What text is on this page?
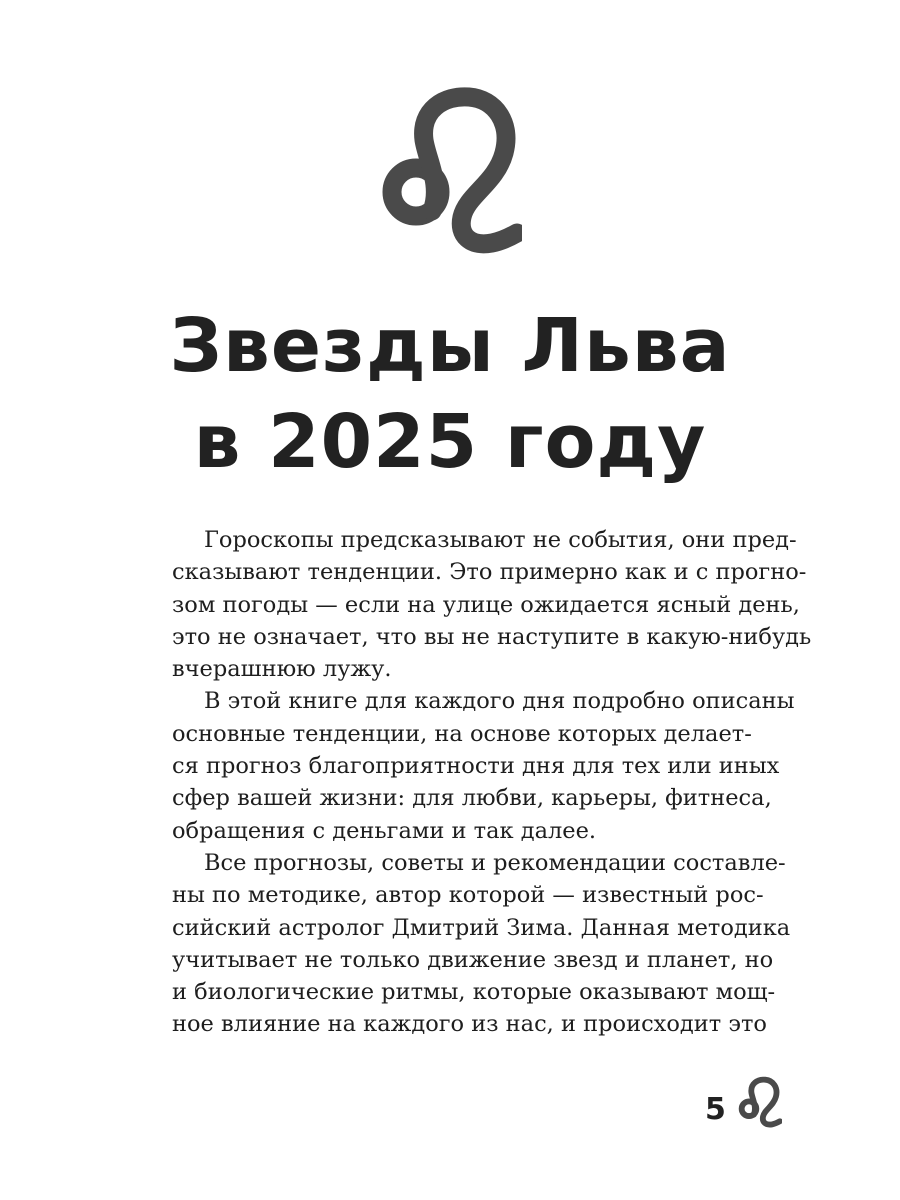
Звезды Льва
в 2025 году
Гороскопы предсказывают не события, они пред-
сказывают тенденции. Это примерно как и с прогно-
зом погоды — если на улице ожидается ясный день,
это не означает, что вы не наступите в какую-нибудь
вчерашнюю лужу.
В этой книге для каждого дня подробно описаны
основные тенденции, на основе которых делает-
ся прогноз благоприятности дня для тех или иных
сфер вашей жизни: для любви, карьеры, фитнеса,
обращения с деньгами и так далее.
Все прогнозы, советы и рекомендации составле-
ны по методике, автор которой — известный рос-
сийский астролог Дмитрий Зима. Данная методика
учитывает не только движение звезд и планет, но
и биологические ритмы, которые оказывают мощ-
ное влияние на каждого из нас, и происходит это
5
